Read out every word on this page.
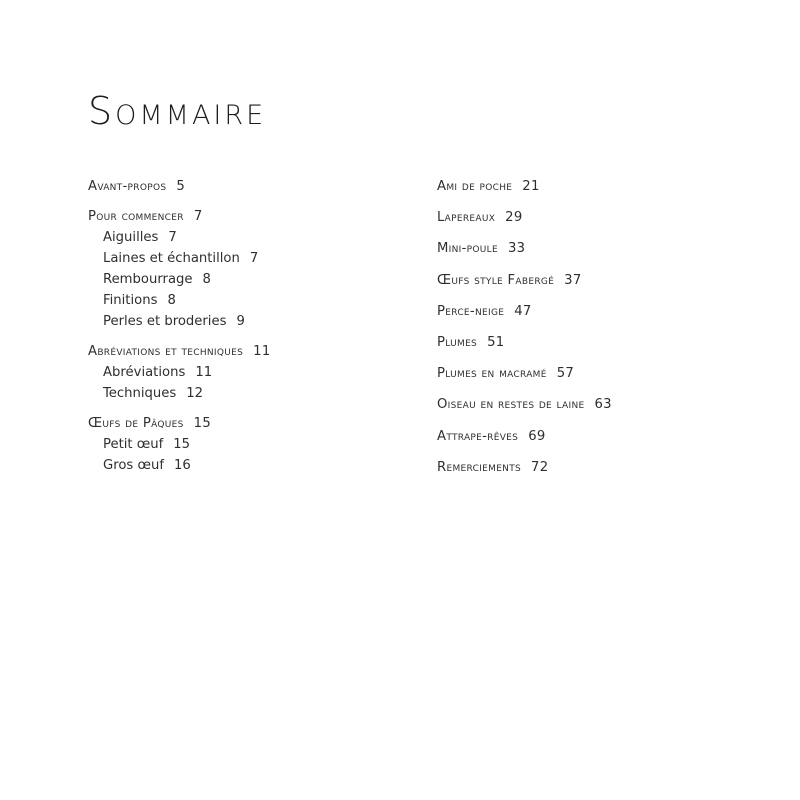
Sommaire
Avant-propos 5
Pour commencer 7
Aiguilles 7
Laines et échantillon 7
Rembourrage 8
Finitions 8
Perles et broderies 9
Abréviations et techniques 11
Abréviations 11
Techniques 12
Œufs de Pâques 15
Petit œuf 15
Gros œuf 16
Ami de poche 21
Lapereaux 29
Mini-poule 33
Œufs style Fabergé 37
Perce-neige 47
Plumes 51
Plumes en macramé 57
Oiseau en restes de laine 63
Attrape-rêves 69
Remerciements 72
